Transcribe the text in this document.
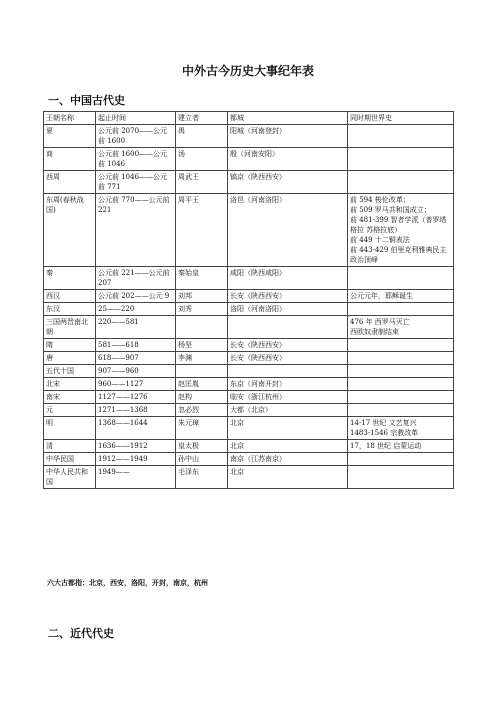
中外古今历史大事纪年表
一、中国古代史
王朝名称	起止时间	建立者	都城	同时期世界史
夏	公元前 2070——公元前 1600	禹	阳城（河南登封）	
商	公元前 1600——公元前 1046	汤	殷（河南安阳）	
西周	公元前 1046——公元前 771	周武王	镐京（陕西西安）	
东周(春秋战国)	公元前 770——公元前 221	周平王	洛邑（河南洛阳）	前 594 梭伦改革；
前 509 罗马共和国成立；
前 481-399 智者学派（普罗塔格拉 苏格拉底）
前 449 十二铜表法
前 443-429 伯里克利雅典民主政治顶峰

秦	公元前 221——公元前 207	秦始皇	咸阳（陕西咸阳）	
西汉	公元前 202——公元 9	刘邦	长安（陕西西安）	公元元年，耶稣诞生

东汉	25——220	刘秀	洛阳（河南洛阳）	
三国两晋南北朝	220——581			476 年 西罗马灭亡
西欧奴隶制结束

隋	581——618	杨坚	长安（陕西西安）	
唐	618——907	李渊	长安（陕西西安）	
五代十国	907——960			
北宋	960——1127	赵匡胤	东京（河南开封）	
南宋	1127——1276	赵构	临安（浙江杭州）	
元	1271——1368	忽必烈	大都（北京）	
明	1368——1644	朱元璋	北京	14-17 世纪 文艺复兴
1483-1546 宗教改革

清	1636——1912	皇太极	北京	17，18 世纪 启蒙运动

中华民国	1912——1949	孙中山	南京（江苏南京）	
中华人民共和国	1949——	毛泽东	北京	
六大古都指：北京，西安，洛阳，开封，南京，杭州
二、近代代史
